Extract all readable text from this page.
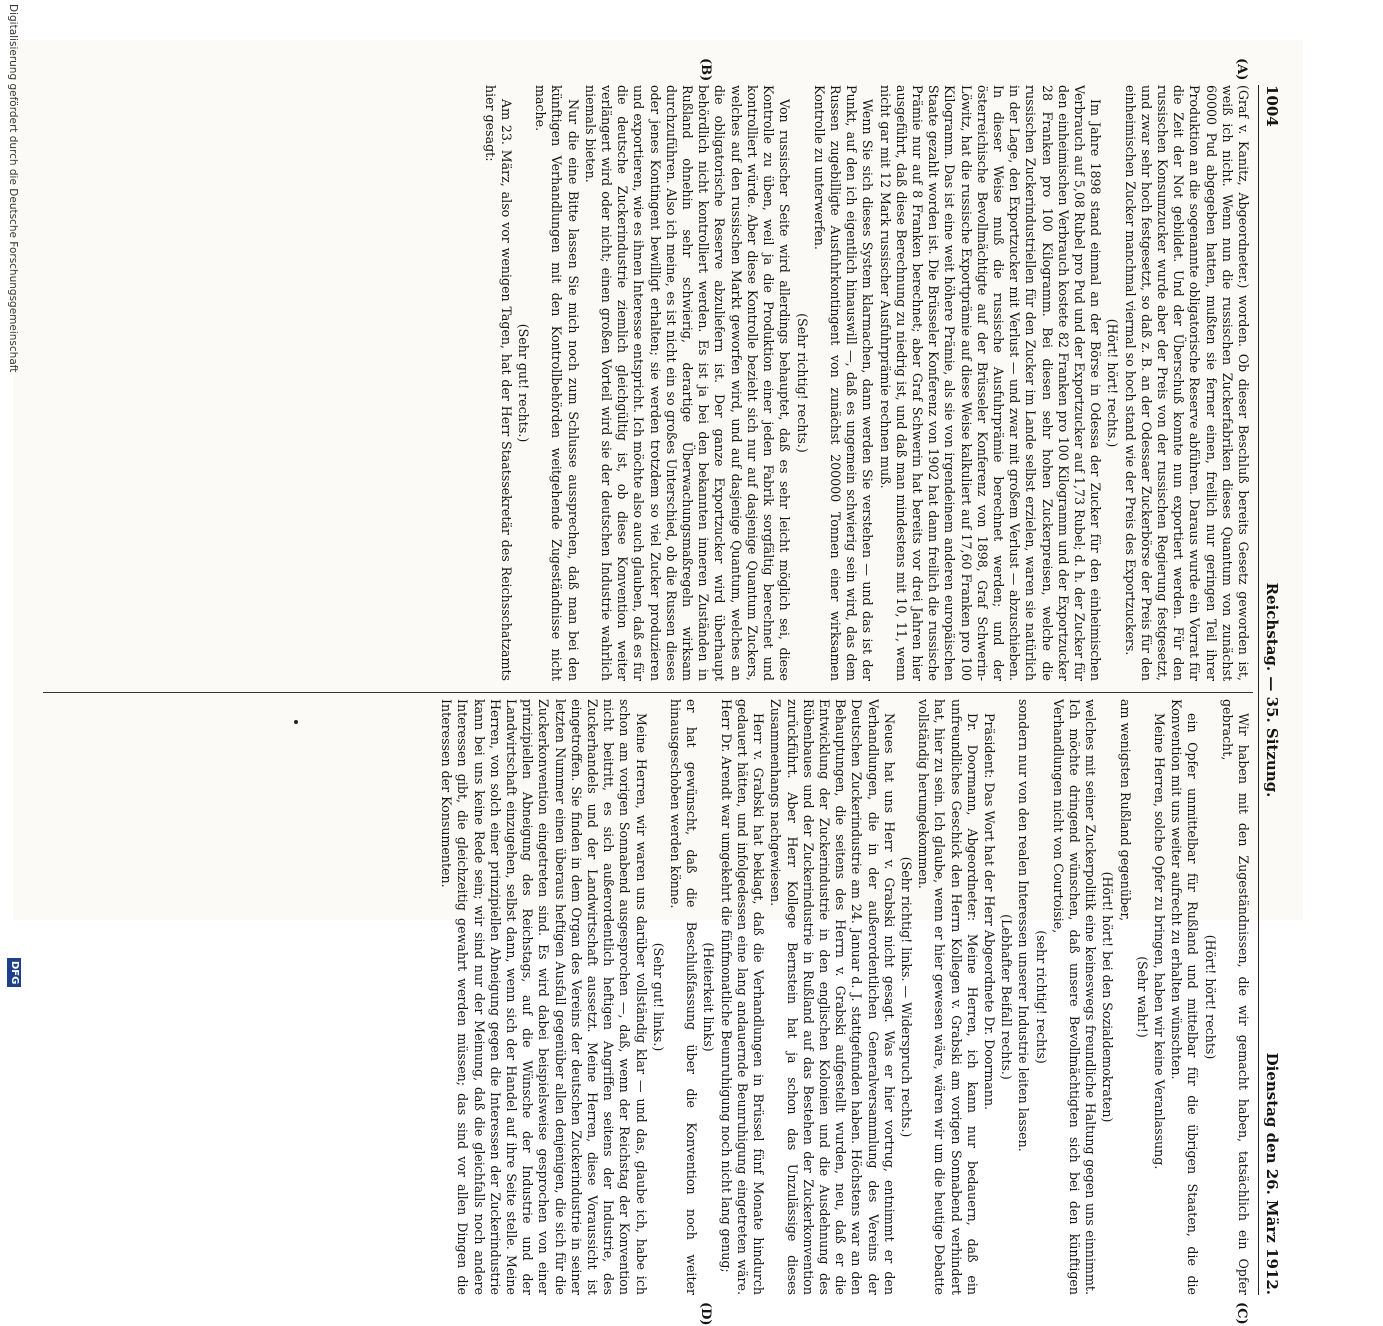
1004
Reichstag. — 35. Sitzung.
Dienstag den 26. März 1912.
(A)
(B)
(C)
(D)

(Graf v. Kanitz, Abgeordneter.) worden. Ob dieser Beschluß bereits Gesetz geworden ist, weiß ich nicht. Wenn nun die russischen Zuckerfabriken dieses Quantum von zunächst 60000 Pud abgegeben hatten, mußten sie ferner einen, freilich nur geringen Teil ihrer Produktion an die sogenannte obligatorische Reserve abführen. Daraus wurde ein Vorrat für die Zeit der Not gebildet. Und der Überschuß konnte nun exportiert werden. Für den russischen Konsumzucker wurde aber der Preis von der russischen Regierung festgesetzt, und zwar sehr hoch festgesetzt, so daß z. B. an der Odessaer Zuckerbörse der Preis für den einheimischen Zucker manchmal viermal so hoch stand wie der Preis des Exportzuckers.

(Hört! hört! rechts.)

Im Jahre 1898 stand einmal an der Börse in Odessa der Zucker für den einheimischen Verbrauch auf 5,08 Rubel pro Pud und der Exportzucker auf 1,73 Rubel; d. h. der Zucker für den einheimischen Verbrauch kostete 82 Franken pro 100 Kilogramm und der Exportzucker 28 Franken pro 100 Kilogramm. Bei diesen sehr hohen Zuckerpreisen, welche die russischen Zuckerindustriellen für den Zucker im Lande selbst erzielen, waren sie natürlich in der Lage, den Exportzucker mit Verlust — und zwar mit großem Verlust — abzuschieben. In dieser Weise muß die russische Ausfuhrprämie berechnet werden; und der österreichische Bevollmächtigte auf der Brüsseler Konferenz von 1898, Graf Schwerin-Löwitz, hat die russische Exportprämie auf diese Weise kalkuliert auf 17,60 Franken pro 100 Kilogramm. Das ist eine weit höhere Prämie, als sie von irgendeinem anderen europäischen Staate gezahlt worden ist. Die Brüsseler Konferenz von 1902 hat dann freilich die russische Prämie nur auf 8 Franken berechnet; aber Graf Schwerin hat bereits vor drei Jahren hier ausgeführt, daß diese Berechnung zu niedrig ist, und daß man mindestens mit 10, 11, wenn nicht gar mit 12 Mark russischer Ausfuhrprämie rechnen muß.

Wenn Sie sich dieses System klarmachen, dann werden Sie verstehen — und das ist der Punkt, auf den ich eigentlich hinauswill —, daß es ungemein schwierig sein wird, das dem Russen zugebilligte Ausfuhrkontingent von zunächst 200000 Tonnen einer wirksamen Kontrolle zu unterwerfen.

(Sehr richtig! rechts.)

Von russischer Seite wird allerdings behauptet, daß es sehr leicht möglich sei, diese Kontrolle zu üben, weil ja die Produktion einer jeden Fabrik sorgfältig berechnet und kontrolliert würde. Aber diese Kontrolle bezieht sich nur auf dasjenige Quantum Zuckers, welches auf den russischen Markt geworfen wird, und auf dasjenige Quantum, welches an die obligatorische Reserve abzuliefern ist. Der ganze Exportzucker wird überhaupt behördlich nicht kontrolliert werden. Es ist ja bei den bekannten inneren Zuständen in Rußland ohnehin sehr schwierig, derartige Überwachungsmaßregeln wirksam durchzuführen. Also ich meine, es ist nicht ein so großes Unterschied, ob die Russen dieses oder jenes Kontingent bewilligt erhalten; sie werden trotzdem so viel Zucker produzieren und exportieren, wie es ihnen Interesse entspricht. Ich möchte also auch glauben, daß es für die deutsche Zuckerindustrie ziemlich gleichgültig ist, ob diese Konvention weiter verlängert wird oder nicht; einen großen Vorteil wird sie der deutschen Industrie wahrlich niemals bieten.

Nur die eine Bitte lassen Sie mich noch zum Schlusse aussprechen, daß man bei den künftigen Verhandlungen mit den Kontrollbehörden weitgehende Zugeständnisse nicht mache.

(Sehr gut! rechts.)

Am 23. März, also vor wenigen Tagen, hat der Herr Staatssekretär des Reichsschatzamts hier gesagt:

Wir haben mit den Zugeständnissen, die wir gemacht haben, tatsächlich ein Opfer gebracht,

(Hört! hört! rechts)

ein Opfer unmittelbar für Rußland und mittelbar für die übrigen Staaten, die die Konvention mit uns weiter aufrecht zu erhalten wünschten.

Meine Herren, solche Opfer zu bringen, haben wir keine Veranlassung.

(Sehr wahr!)

am wenigsten Rußland gegenüber,

(Hört! hört! bei den Sozialdemokraten)

welches mit seiner Zuckerpolitik eine keineswegs freundliche Haltung gegen uns einnimmt. Ich möchte dringend wünschen, daß unsere Bevollmächtigten sich bei den künftigen Verhandlungen nicht von Courtoisie,

(sehr richtig! rechts)

sondern nur von den realen Interessen unserer Industrie leiten lassen.

(Lebhafter Beifall rechts.)

Präsident: Das Wort hat der Herr Abgeordnete Dr. Doormann.

Dr. Doormann, Abgeordneter: Meine Herren, ich kann nur bedauern, daß ein unfreundliches Geschick den Herrn Kollegen v. Grabski am vorigen Sonnabend verhindert hat, hier zu sein. Ich glaube, wenn er hier gewesen wäre, wären wir um die heutige Debatte vollständig herumgekommen.

(Sehr richtig! links. — Widerspruch rechts.)

Neues hat uns Herr v. Grabski nicht gesagt. Was er hier vortrug, entnimmt er den Verhandlungen, die in der außerordentlichen Generalversammlung des Vereins der Deutschen Zuckerindustrie am 24. Januar d. J. stattgefunden haben. Höchstens war an den Behauptungen, die seitens des Herrn v. Grabski aufgestellt wurden, neu, daß er die Entwicklung der Zuckerindustrie in den englischen Kolonien und die Ausdehnung des Rübenbaues und der Zuckerindustrie in Rußland auf das Bestehen der Zuckerkonvention zurückführt. Aber Herr Kollege Bernstein hat ja schon das Unzulässige dieses Zusammenhangs nachgewiesen.

Herr v. Grabski hat beklagt, daß die Verhandlungen in Brüssel fünf Monate hindurch gedauert hätten, und infolgedessen eine lang andauernde Beunruhigung eingetreten wäre. Herr Dr. Arendt war umgekehrt die fünfmonatliche Beunruhigung noch nicht lang genug;

(Heiterkeit links)

er hat gewünscht, daß die Beschlußfassung über die Konvention noch weiter hinausgeschoben werden könne.

(Sehr gut! links.)

Meine Herren, wir waren uns darüber vollständig klar — und das, glaube ich, habe ich schon am vorigen Sonnabend ausgesprochen —, daß, wenn der Reichstag der Konvention nicht beitritt, es sich außerordentlich heftigen Angriffen seitens der Industrie, des Zuckerhandels und der Landwirtschaft aussetzt. Meine Herren, diese Voraussicht ist eingetroffen. Sie finden in dem Organ des Vereins der deutschen Zuckerindustrie in seiner letzten Nummer einen überaus heftigen Ausfall gegenüber allen denjenigen, die sich für die Zuckerkonvention eingetreten sind. Es wird dabei beispielsweise gesprochen von einer prinzipiellen Abneigung des Reichstags, auf die Wünsche der Industrie und der Landwirtschaft einzugehen, selbst dann, wenn sich der Handel auf ihre Seite stelle. Meine Herren, von solch einer prinzipiellen Abneigung gegen die Interessen der Zuckerindustrie kann bei uns keine Rede sein; wir sind nur der Meinung, daß die gleichfalls noch andere Interessen gibt, die gleichzeitig gewahrt werden müssen; das sind vor allen Dingen die Interessen der Konsumenten.

Digitalisierung gefördert durch die Deutsche Forschungsgemeinschaft
DFG
